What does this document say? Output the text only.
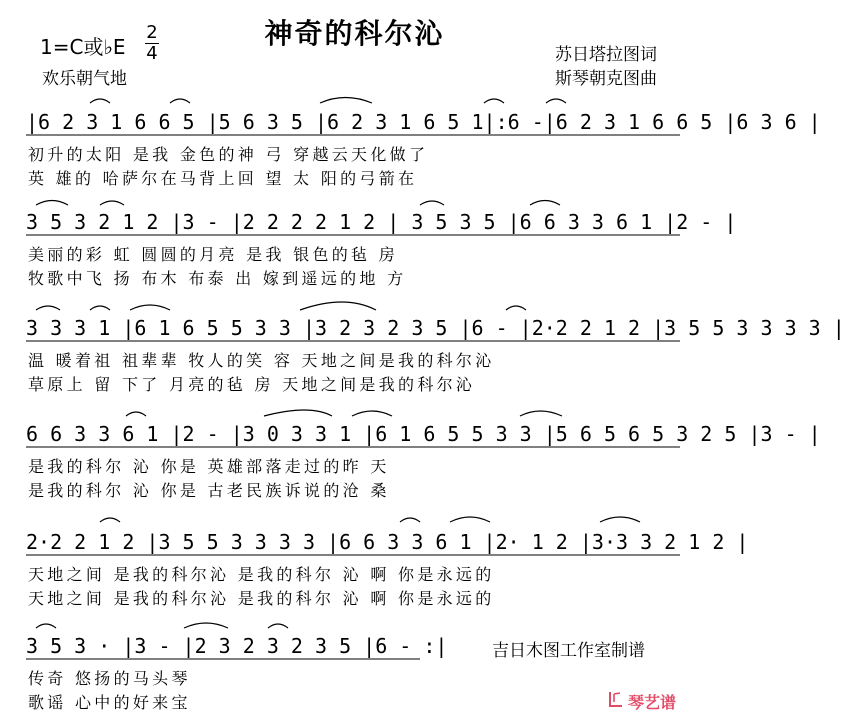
神奇的科尔沁
1=C或♭E
2
4
欢乐朝气地
苏日塔拉图词
斯琴朝克图曲
|6 2 3 1 6 6 5 |5 6 3 5 |6 2 3 1 6 5 1|:6 -|6 2 3 1 6 6 5 |6 3 6 |
初升的太阳 是我 金色的神 弓 穿越云天化做了
英 雄的 哈萨尔在马背上回 望 太 阳的弓箭在
3 5 3 2 1 2 |3 - |2 2 2 2 1 2 | 3 5 3 5 |6 6 3 3 6 1 |2 - |
美丽的彩 虹 圆圆的月亮 是我 银色的毡 房
牧歌中飞 扬 布木 布泰 出 嫁到遥远的地 方
3 3 3 1 |6 1 6 5 5 3 3 |3 2 3 2 3 5 |6 - |2·2 2 1 2 |3 5 5 3 3 3 3 |
温 暖着祖 祖辈辈 牧人的笑 容 天地之间是我的科尔沁
草原上 留 下了 月亮的毡 房 天地之间是我的科尔沁
6 6 3 3 6 1 |2 - |3 0 3 3 1 |6 1 6 5 5 3 3 |5 6 5 6 5 3 2 5 |3 - |
是我的科尔 沁 你是 英雄部落走过的昨 天
是我的科尔 沁 你是 古老民族诉说的沧 桑
2·2 2 1 2 |3 5 5 3 3 3 3 |6 6 3 3 6 1 |2· 1 2 |3·3 3 2 1 2 |
天地之间 是我的科尔沁 是我的科尔 沁 啊 你是永远的
天地之间 是我的科尔沁 是我的科尔 沁 啊 你是永远的
3 5 3 · |3 - |2 3 2 3 2 3 5 |6 - :|
传奇 悠扬的马头琴
歌谣 心中的好来宝
吉日木图工作室制谱
琴艺谱
